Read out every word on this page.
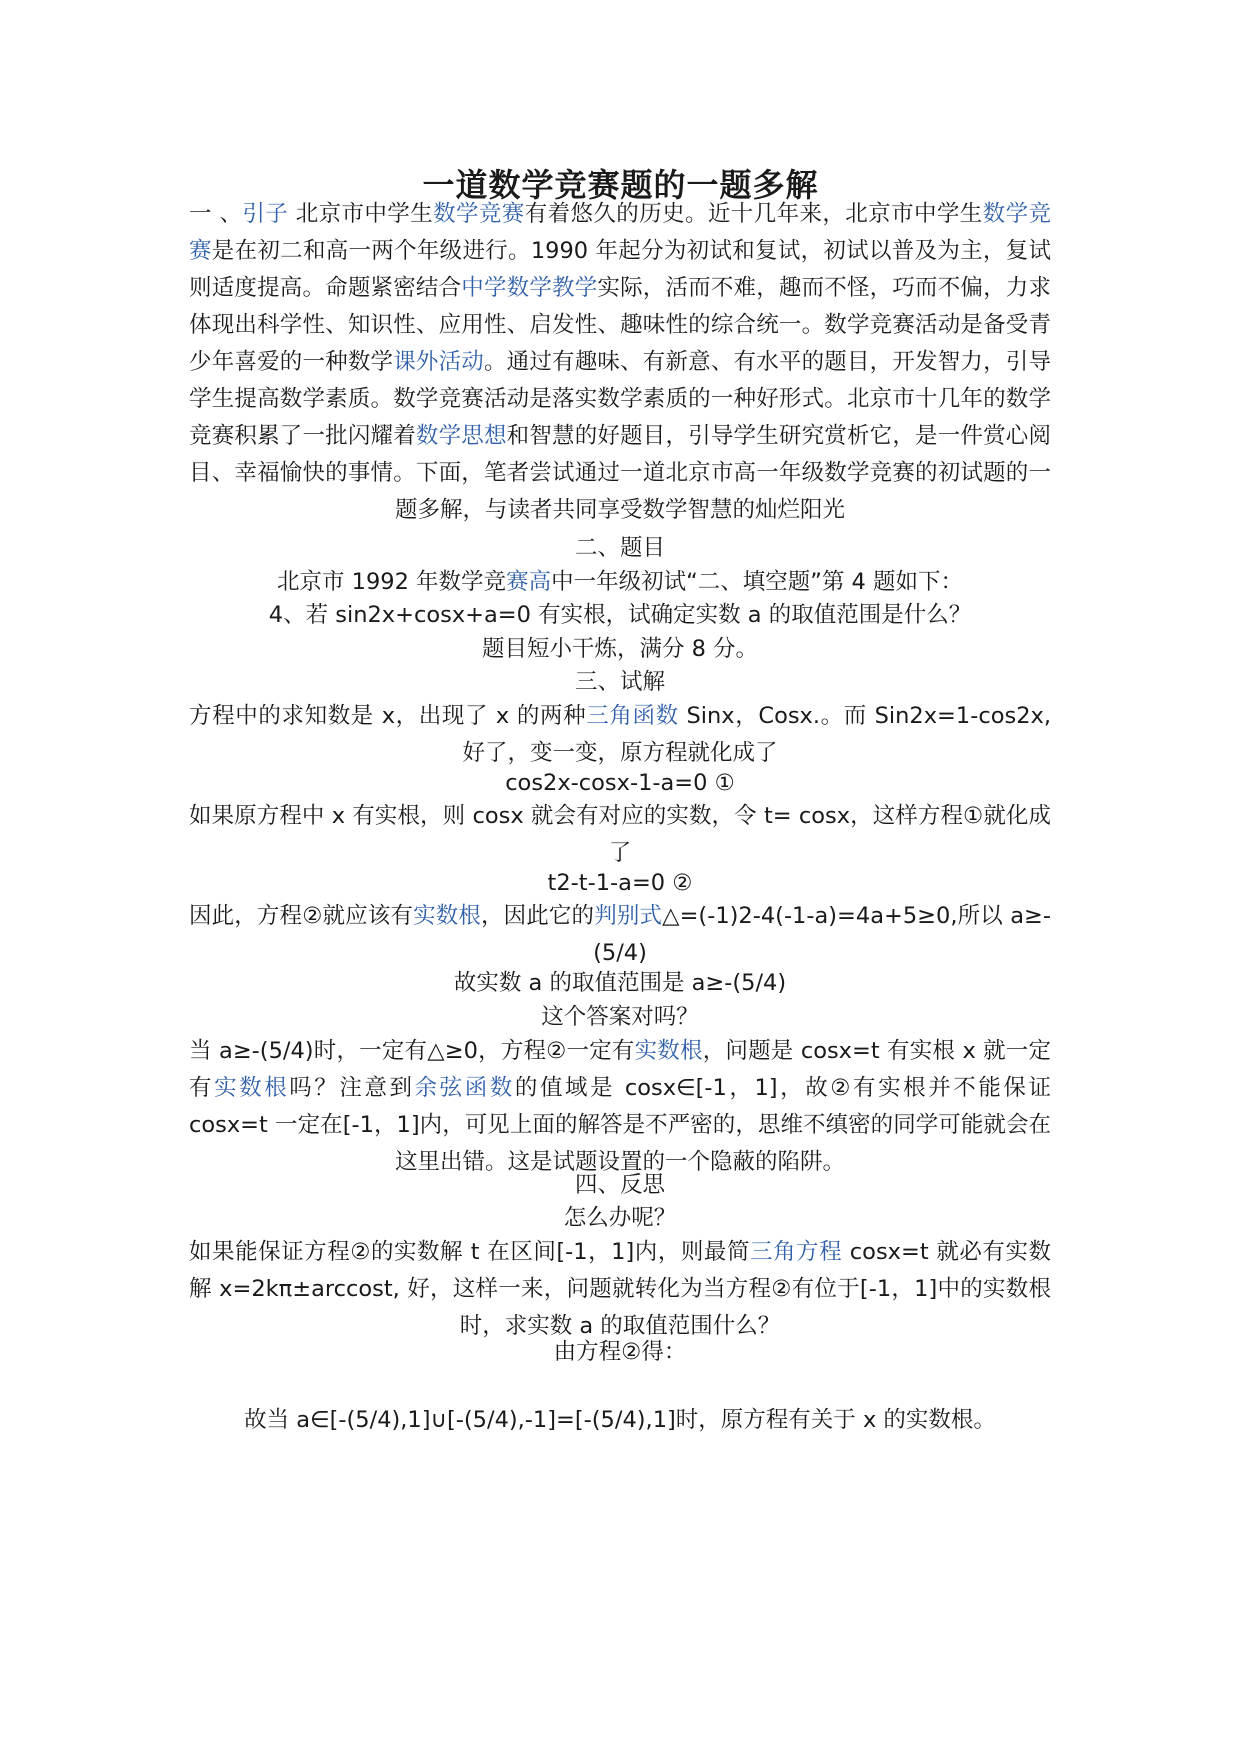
一道数学竞赛题的一题多解

一 、引子 北京市中学生数学竞赛有着悠久的历史。近十几年来，北京市中学生数学竞赛是在初二和高一两个年级进行。1990 年起分为初试和复试，初试以普及为主，复试则适度提高。命题紧密结合中学数学教学实际，活而不难，趣而不怪，巧而不偏，力求体现出科学性、知识性、应用性、启发性、趣味性的综合统一。数学竞赛活动是备受青少年喜爱的一种数学课外活动。通过有趣味、有新意、有水平的题目，开发智力，引导学生提高数学素质。数学竞赛活动是落实数学素质的一种好形式。北京市十几年的数学竞赛积累了一批闪耀着数学思想和智慧的好题目，引导学生研究赏析它，是一件赏心阅目、幸福愉快的事情。下面，笔者尝试通过一道北京市高一年级数学竞赛的初试题的一题多解，与读者共同享受数学智慧的灿烂阳光

二、题目

北京市 1992 年数学竞赛高中一年级初试“二、填空题”第 4 题如下：

4、若 sin2x+cosx+a=0 有实根，试确定实数 a 的取值范围是什么？

题目短小干炼，满分 8 分。

三、试解

方程中的求知数是 x，出现了 x 的两种三角函数 Sinx，Cosx.。而 Sin2x=1-cos2x,好了，变一变，原方程就化成了

cos2x-cosx-1-a=0 ①

如果原方程中 x 有实根，则 cosx 就会有对应的实数，令 t= cosx，这样方程①就化成了

t2-t-1-a=0 ②

因此，方程②就应该有实数根，因此它的判别式△=(-1)2-4(-1-a)=4a+5≥0,所以 a≥-(5/4)

故实数 a 的取值范围是 a≥-(5/4)

这个答案对吗？

当 a≥-(5/4)时，一定有△≥0，方程②一定有实数根，问题是 cosx=t 有实根 x 就一定有实数根吗？注意到余弦函数的值域是 cosx∈[-1，1]，故②有实根并不能保证 cosx=t 一定在[-1，1]内，可见上面的解答是不严密的，思维不缜密的同学可能就会在这里出错。这是试题设置的一个隐蔽的陷阱。

四、反思

怎么办呢？

如果能保证方程②的实数解 t 在区间[-1，1]内，则最简三角方程 cosx=t 就必有实数解 x=2kπ±arccost, 好，这样一来，问题就转化为当方程②有位于[-1，1]中的实数根时，求实数 a 的取值范围什么？

由方程②得：

故当 a∈[-(5/4),1]∪[-(5/4),-1]=[-(5/4),1]时，原方程有关于 x 的实数根。
